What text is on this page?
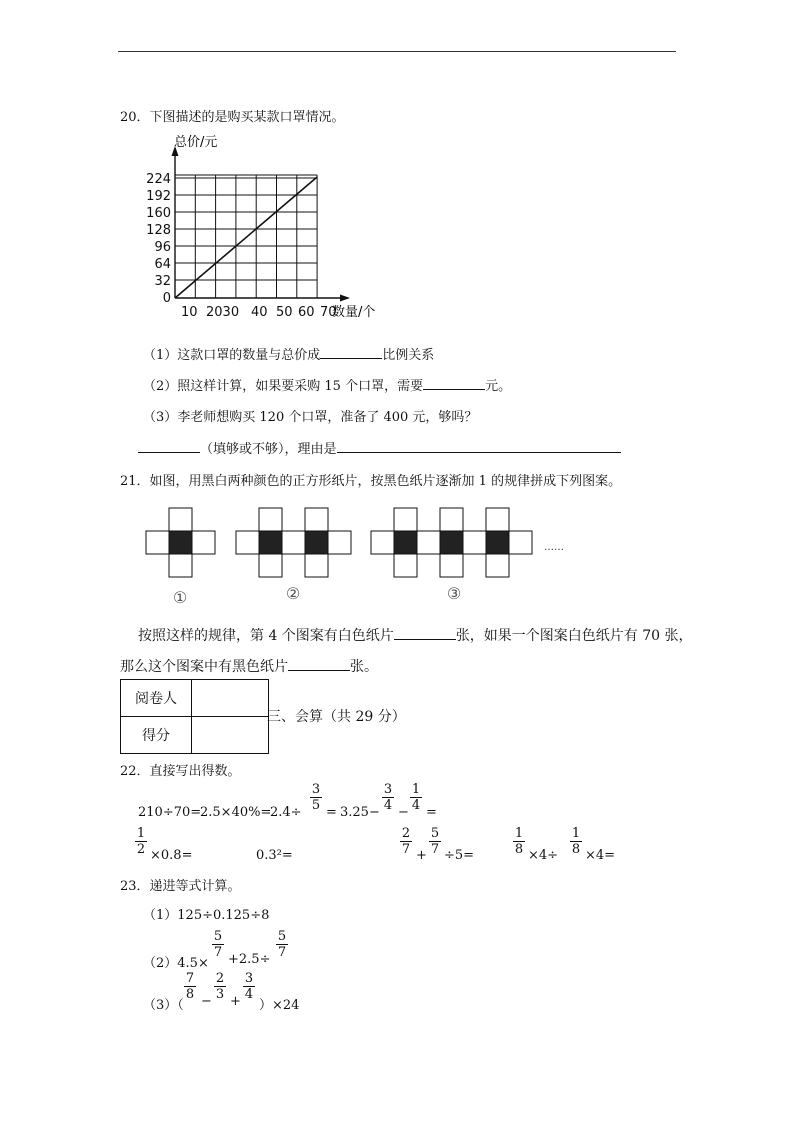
20．下图描述的是购买某款口罩情况。
0
32
64
96
128
160
192
224
10 2030 40 50 60 70
总价/元
数量/个
（1）这款口罩的数量与总价成	比例关系
（2）照这样计算，如果要采购 15 个口罩，需要	元。
（3）李老师想购买 120 个口罩，准备了 400 元，够吗？
（填够或不够），理由是
21．如图，用黑白两种颜色的正方形纸片，按黑色纸片逐渐加 1 的规律拼成下列图案。
①	②	③
……
按照这样的规律，第 4 个图案有白色纸片	张，如果一个图案白色纸片有 70 张，
那么这个图案中有黑色纸片	张。
阅卷人	
得分	
三、会算（共 29 分）
22．直接写出得数。
210÷70=
2.5×40%=
$2.4\div \frac{3}{5} = 3.25- \frac{3}{4} - \frac{1}{4}$ =
$\frac{1}{2} \times 0.8=$	0.3²=	$\frac{2}{7} + \frac{5}{7} \div 5=$	$\frac{1}{8} \times 4\div \frac{1}{8} \times 4=$
23．递进等式计算。
（1）125÷0.125÷8
（2）4.5×
$\frac{5}{7} +2.5\div \frac{5}{7}$
（3）（
$\frac{7}{8} - \frac{2}{3} + \frac{3}{4}$
）×24
